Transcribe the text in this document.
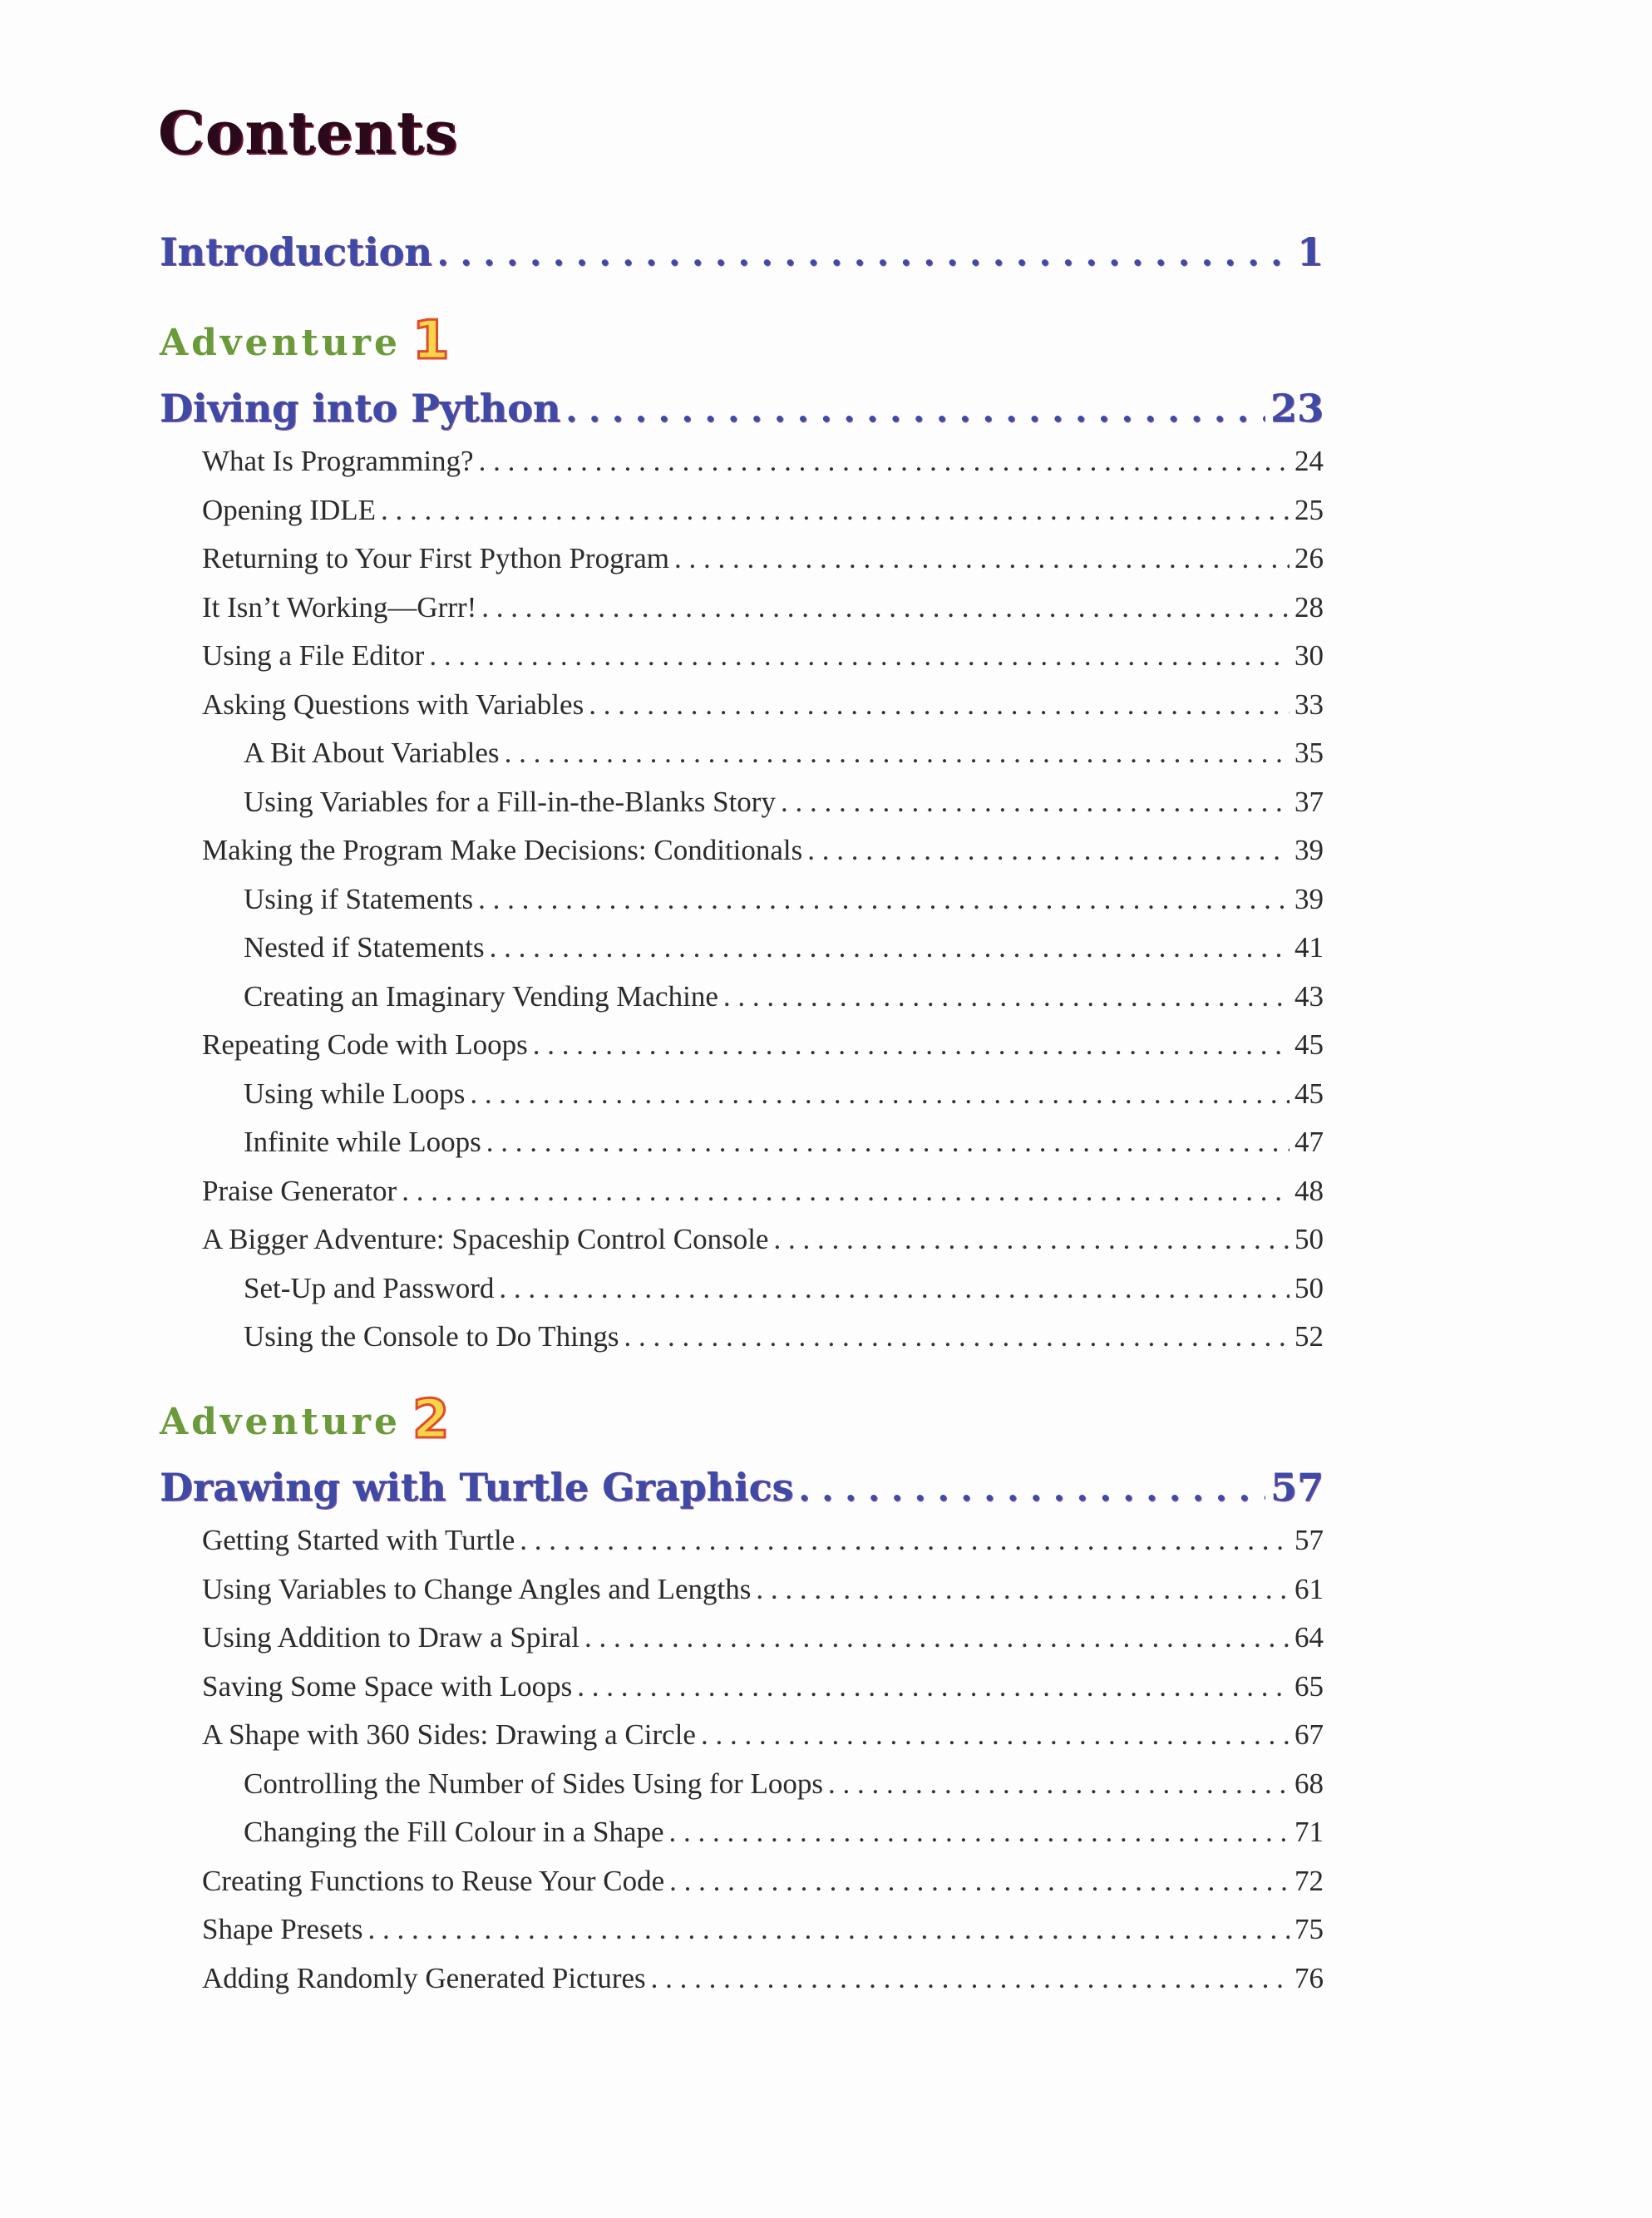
Contents
Introduction . . .	1
Adventure 1
Diving into Python . . .	23
What Is Programming? . . .	24
Opening IDLE . . .	25
Returning to Your First Python Program . . .	26
It Isn’t Working—Grrr! . . .	28
Using a File Editor . . .	30
Asking Questions with Variables . . .	33
A Bit About Variables . . .	35
Using Variables for a Fill-in-the-Blanks Story . . .	37
Making the Program Make Decisions: Conditionals . . .	39
Using if Statements . . .	39
Nested if Statements . . .	41
Creating an Imaginary Vending Machine . . .	43
Repeating Code with Loops . . .	45
Using while Loops . . .	45
Infinite while Loops . . .	47
Praise Generator . . .	48
A Bigger Adventure: Spaceship Control Console . . .	50
Set-Up and Password . . .	50
Using the Console to Do Things . . .	52
Adventure 2
Drawing with Turtle Graphics . . .	57
Getting Started with Turtle . . .	57
Using Variables to Change Angles and Lengths . . .	61
Using Addition to Draw a Spiral . . .	64
Saving Some Space with Loops . . .	65
A Shape with 360 Sides: Drawing a Circle . . .	67
Controlling the Number of Sides Using for Loops . . .	68
Changing the Fill Colour in a Shape . . .	71
Creating Functions to Reuse Your Code . . .	72
Shape Presets . . .	75
Adding Randomly Generated Pictures . . .	76
